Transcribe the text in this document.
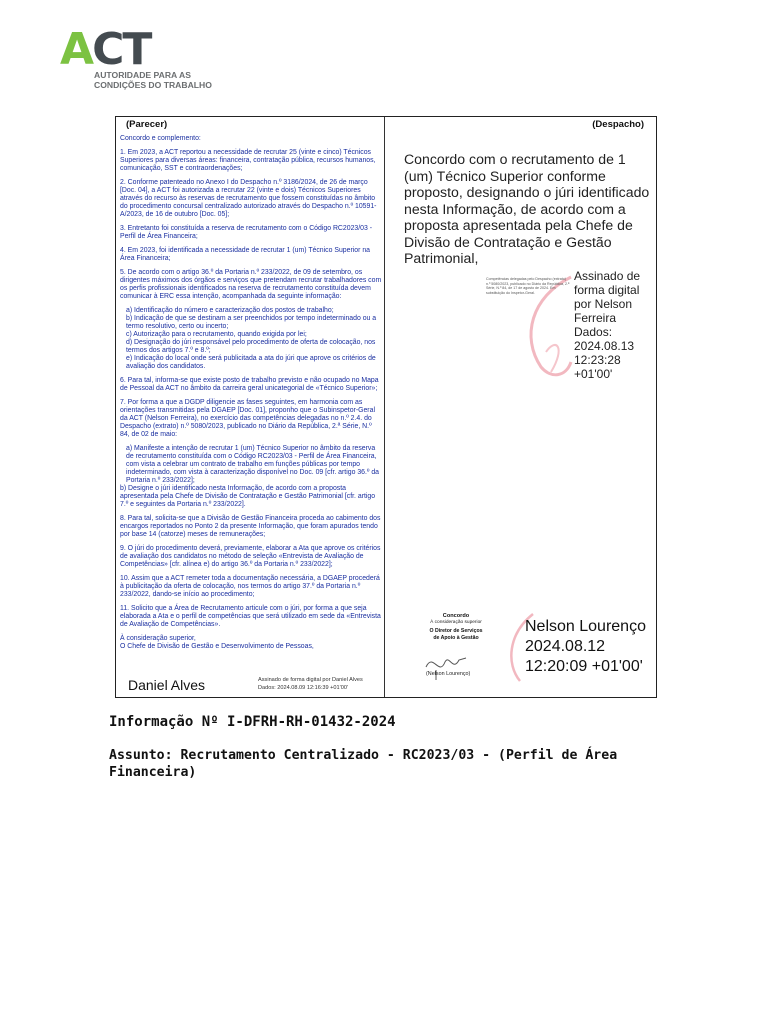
ACT
AUTORIDADE PARA AS
CONDIÇÕES DO TRABALHO
(Parecer)	(Despacho)

Concordo e complemento:

1. Em 2023, a ACT reportou a necessidade de recrutar 25 (vinte e cinco) Técnicos Superiores para diversas áreas: financeira, contratação pública, recursos humanos, comunicação, SST e contraordenações;

2. Conforme patenteado no Anexo I do Despacho n.º 3186/2024, de 26 de março [Doc. 04], a ACT foi autorizada a recrutar 22 (vinte e dois) Técnicos Superiores através do recurso às reservas de recrutamento que fossem constituídas no âmbito do procedimento concursal centralizado autorizado através do Despacho n.º 10591-A/2023, de 16 de outubro [Doc. 05];

3. Entretanto foi constituída a reserva de recrutamento com o Código RC2023/03 - Perfil de Área Financeira;

4. Em 2023, foi identificada a necessidade de recrutar 1 (um) Técnico Superior na Área Financeira;

5. De acordo com o artigo 36.º da Portaria n.º 233/2022, de 09 de setembro, os dirigentes máximos dos órgãos e serviços que pretendam recrutar trabalhadores com os perfis profissionais identificados na reserva de recrutamento constituída devem comunicar à ERC essa intenção, acompanhada da seguinte informação:

a) Identificação do número e caracterização dos postos de trabalho;

b) Indicação de que se destinam a ser preenchidos por tempo indeterminado ou a termo resolutivo, certo ou incerto;

c) Autorização para o recrutamento, quando exigida por lei;

d) Designação do júri responsável pelo procedimento de oferta de colocação, nos termos dos artigos 7.º e 8.º;

e) Indicação do local onde será publicitada a ata do júri que aprove os critérios de avaliação dos candidatos.

6. Para tal, informa-se que existe posto de trabalho previsto e não ocupado no Mapa de Pessoal da ACT no âmbito da carreira geral unicategorial de «Técnico Superior»;

7. Por forma a que a DGDP diligencie as fases seguintes, em harmonia com as orientações transmitidas pela DGAEP [Doc. 01], proponho que o Subinspetor-Geral da ACT (Nelson Ferreira), no exercício das competências delegadas no n.º 2.4. do Despacho (extrato) n.º 5080/2023, publicado no Diário da República, 2.ª Série, N.º 84, de 02 de maio:

a) Manifeste a intenção de recrutar 1 (um) Técnico Superior no âmbito da reserva de recrutamento constituída com o Código RC2023/03 - Perfil de Área Financeira, com vista a celebrar um contrato de trabalho em funções públicas por tempo indeterminado, com vista à caracterização disponível no Doc. 09 [cfr. artigo 36.º da Portaria n.º 233/2022];

b) Designe o júri identificado nesta Informação, de acordo com a proposta apresentada pela Chefe de Divisão de Contratação e Gestão Patrimonial [cfr. artigo 7.º e seguintes da Portaria n.º 233/2022].

8. Para tal, solicita-se que a Divisão de Gestão Financeira proceda ao cabimento dos encargos reportados no Ponto 2 da presente Informação, que foram apurados tendo por base 14 (catorze) meses de remunerações;

9. O júri do procedimento deverá, previamente, elaborar a Ata que aprove os critérios de avaliação dos candidatos no método de seleção «Entrevista de Avaliação de Competências» [cfr. alínea e) do artigo 36.º da Portaria n.º 233/2022];

10. Assim que a ACT remeter toda a documentação necessária, a DGAEP procederá à publicitação da oferta de colocação, nos termos do artigo 37.º da Portaria n.º 233/2022, dando-se início ao procedimento;

11. Solicito que a Área de Recrutamento articule com o júri, por forma a que seja elaborada a Ata e o perfil de competências que será utilizado em sede da «Entrevista de Avaliação de Competências».

À consideração superior,

O Chefe de Divisão de Gestão e Desenvolvimento de Pessoas,

Daniel Alves	Assinado de forma digital por Daniel Alves
Dados: 2024.08.09 12:16:39 +01'00'
Concordo com o recrutamento de 1 (um) Técnico Superior conforme proposto, designando o júri identificado nesta Informação, de acordo com a proposta apresentada pela Chefe de Divisão de Contratação e Gestão Patrimonial,
Competências delegadas pelo Despacho (extrato) n.º 5080/2023, publicado no Diário da República, 2.ª Série, N.º 84, de 17 de agosto de 2024. Em substituição do Inspetor-Geral.
Assinado de
forma digital
por Nelson
Ferreira
Dados:
2024.08.13
12:23:28
+01'00'
Concordo
À consideração superior
O Diretor de Serviços
de Apoio à Gestão
(Nelson Lourenço)
Nelson Lourenço
2024.08.12
12:20:09 +01'00'
Informação Nº I-DFRH-RH-01432-2024
Assunto: Recrutamento Centralizado - RC2023/03 - (Perfil de Área Financeira)
